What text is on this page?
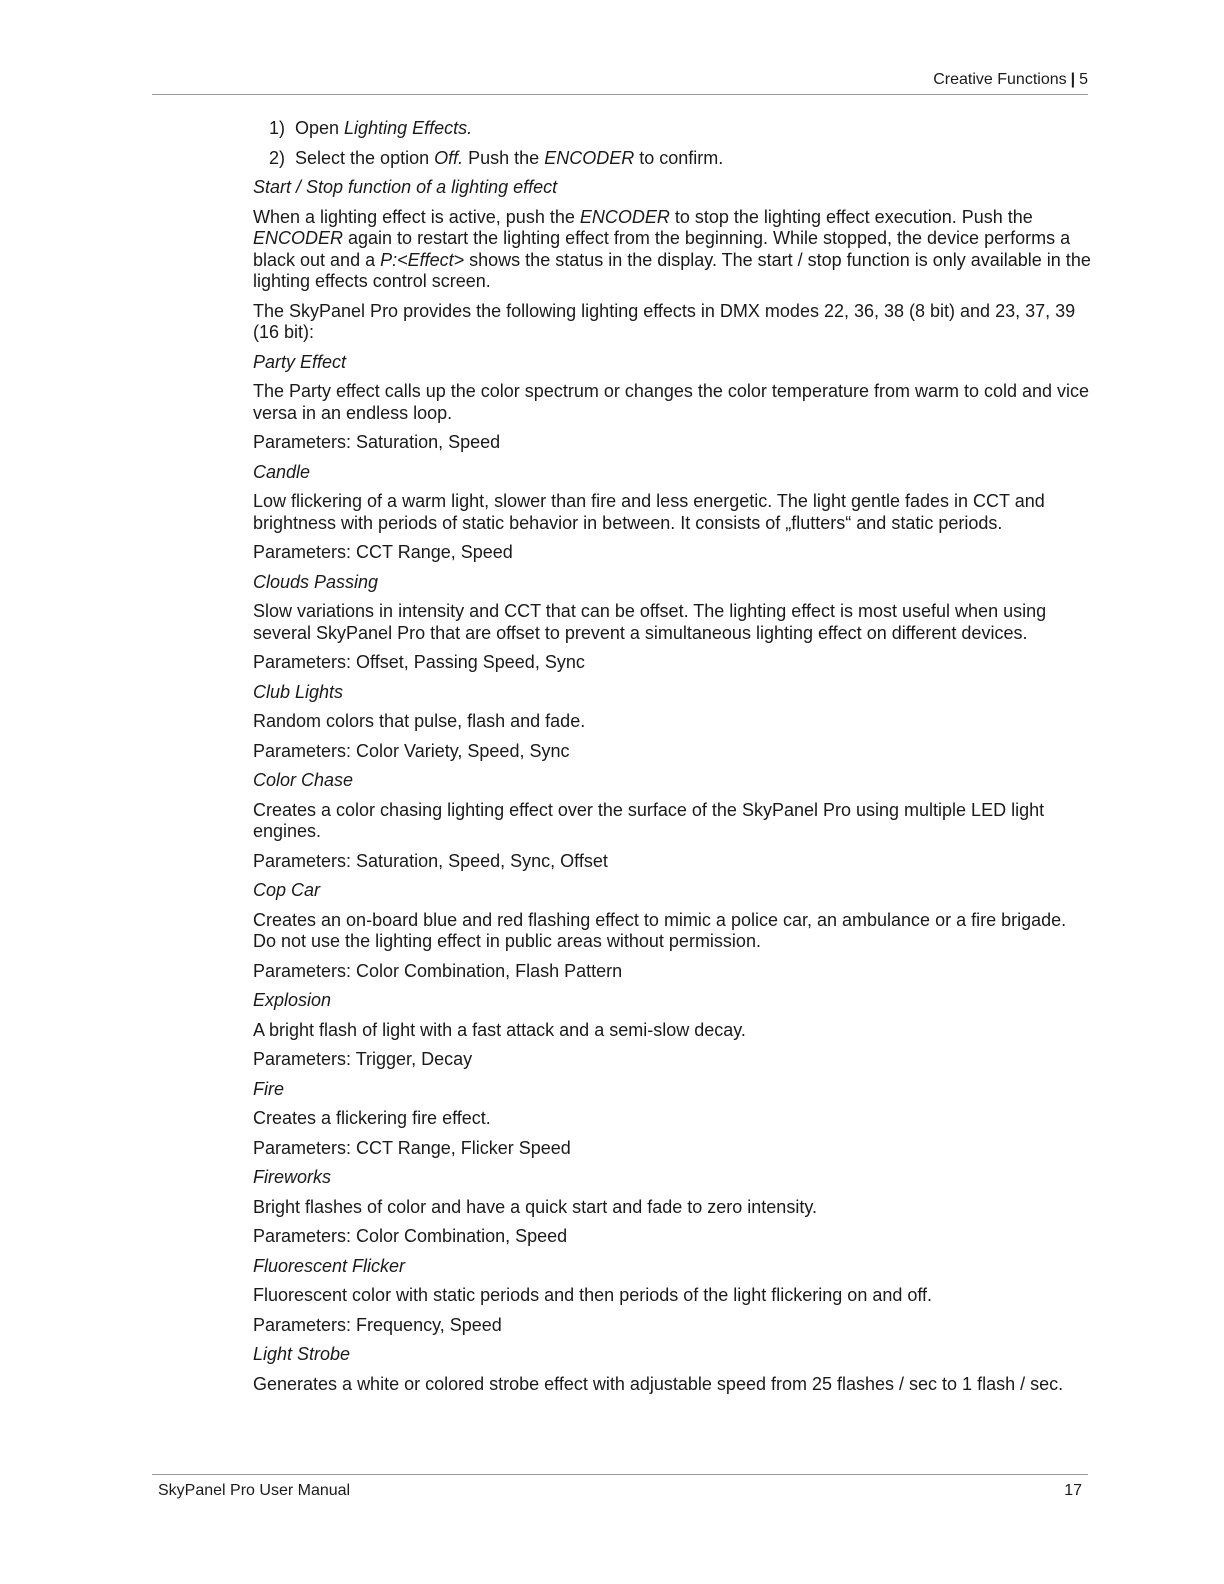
Creative Functions | 5
1) Open Lighting Effects.
2) Select the option Off. Push the ENCODER to confirm.

Start / Stop function of a lighting effect

When a lighting effect is active, push the ENCODER to stop the lighting effect execution. Push the ENCODER again to restart the lighting effect from the beginning. While stopped, the device performs a black out and a P:<Effect> shows the status in the display. The start / stop function is only available in the lighting effects control screen.

The SkyPanel Pro provides the following lighting effects in DMX modes 22, 36, 38 (8 bit) and 23, 37, 39 (16 bit):

Party Effect

The Party effect calls up the color spectrum or changes the color temperature from warm to cold and vice versa in an endless loop.

Parameters: Saturation, Speed

Candle

Low flickering of a warm light, slower than fire and less energetic. The light gentle fades in CCT and brightness with periods of static behavior in between. It consists of „flutters“ and static periods.

Parameters: CCT Range, Speed

Clouds Passing

Slow variations in intensity and CCT that can be offset. The lighting effect is most useful when using several SkyPanel Pro that are offset to prevent a simultaneous lighting effect on different devices.

Parameters: Offset, Passing Speed, Sync

Club Lights

Random colors that pulse, flash and fade.

Parameters: Color Variety, Speed, Sync

Color Chase

Creates a color chasing lighting effect over the surface of the SkyPanel Pro using multiple LED light engines.

Parameters: Saturation, Speed, Sync, Offset

Cop Car

Creates an on-board blue and red flashing effect to mimic a police car, an ambulance or a fire brigade. Do not use the lighting effect in public areas without permission.

Parameters: Color Combination, Flash Pattern

Explosion

A bright flash of light with a fast attack and a semi-slow decay.

Parameters: Trigger, Decay

Fire

Creates a flickering fire effect.

Parameters: CCT Range, Flicker Speed

Fireworks

Bright flashes of color and have a quick start and fade to zero intensity.

Parameters: Color Combination, Speed

Fluorescent Flicker

Fluorescent color with static periods and then periods of the light flickering on and off.

Parameters: Frequency, Speed

Light Strobe

Generates a white or colored strobe effect with adjustable speed from 25 flashes / sec to 1 flash / sec.

SkyPanel Pro User Manual	17
